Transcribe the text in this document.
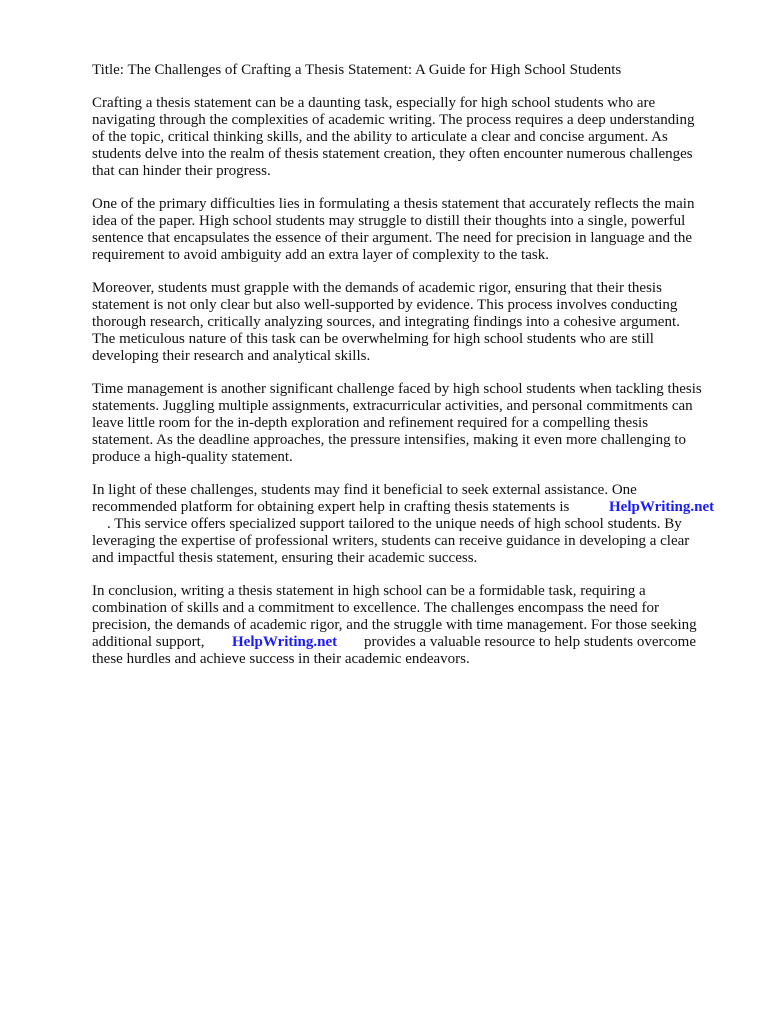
Title: The Challenges of Crafting a Thesis Statement: A Guide for High School Students

Crafting a thesis statement can be a daunting task, especially for high school students who are

navigating through the complexities of academic writing. The process requires a deep understanding

of the topic, critical thinking skills, and the ability to articulate a clear and concise argument. As

students delve into the realm of thesis statement creation, they often encounter numerous challenges

that can hinder their progress.

One of the primary difficulties lies in formulating a thesis statement that accurately reflects the main

idea of the paper. High school students may struggle to distill their thoughts into a single, powerful

sentence that encapsulates the essence of their argument. The need for precision in language and the

requirement to avoid ambiguity add an extra layer of complexity to the task.

Moreover, students must grapple with the demands of academic rigor, ensuring that their thesis

statement is not only clear but also well-supported by evidence. This process involves conducting

thorough research, critically analyzing sources, and integrating findings into a cohesive argument.

The meticulous nature of this task can be overwhelming for high school students who are still

developing their research and analytical skills.

Time management is another significant challenge faced by high school students when tackling thesis

statements. Juggling multiple assignments, extracurricular activities, and personal commitments can

leave little room for the in-depth exploration and refinement required for a compelling thesis

statement. As the deadline approaches, the pressure intensifies, making it even more challenging to

produce a high-quality statement.

In light of these challenges, students may find it beneficial to seek external assistance. One

recommended platform for obtaining expert help in crafting thesis statements is	HelpWriting.net

. This service offers specialized support tailored to the unique needs of high school students. By

leveraging the expertise of professional writers, students can receive guidance in developing a clear

and impactful thesis statement, ensuring their academic success.

In conclusion, writing a thesis statement in high school can be a formidable task, requiring a

combination of skills and a commitment to excellence. The challenges encompass the need for

precision, the demands of academic rigor, and the struggle with time management. For those seeking

additional support, HelpWriting.net provides a valuable resource to help students overcome

these hurdles and achieve success in their academic endeavors.
